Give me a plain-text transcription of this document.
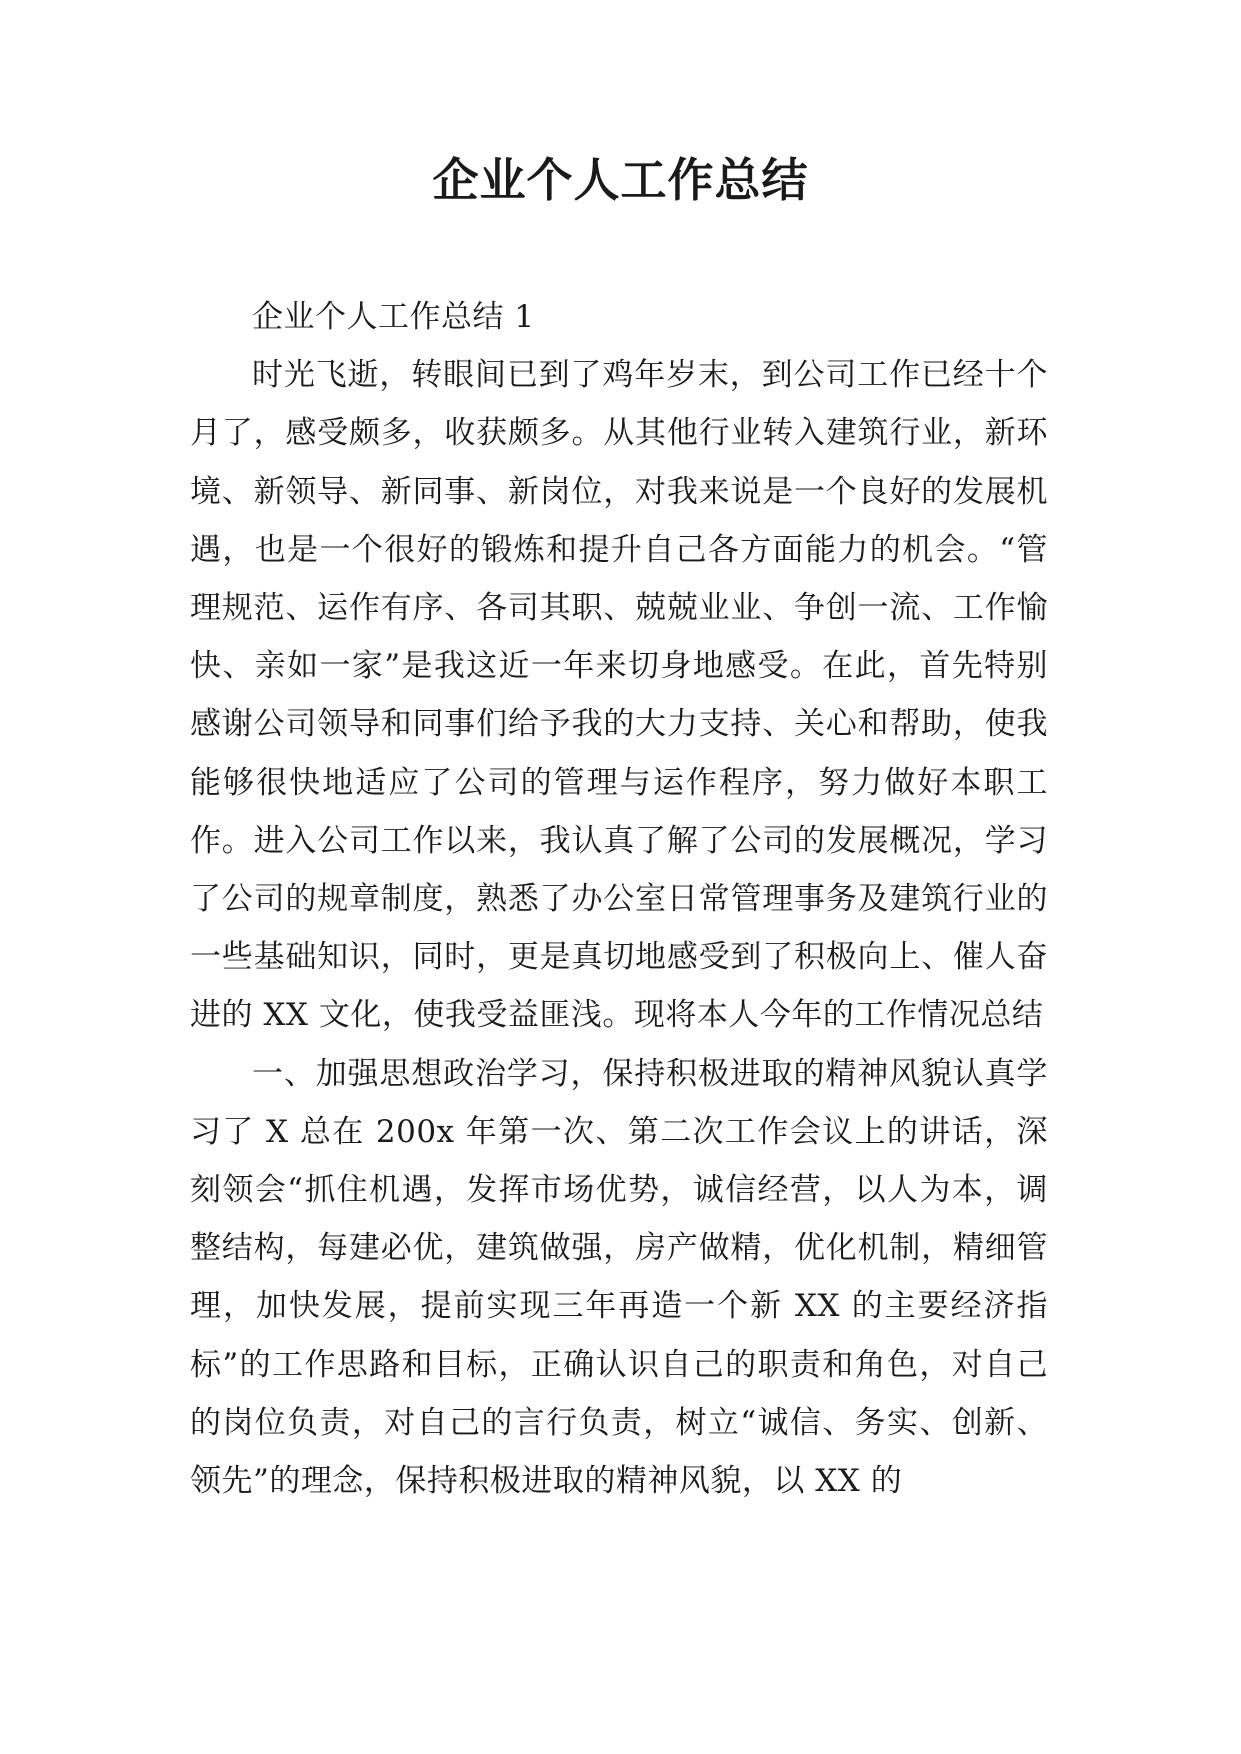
企业个人工作总结

企业个人工作总结 1

时光飞逝，转眼间已到了鸡年岁末，到公司工作已经十个月了，感受颇多，收获颇多。从其他行业转入建筑行业，新环境、新领导、新同事、新岗位，对我来说是一个良好的发展机遇，也是一个很好的锻炼和提升自己各方面能力的机会。“管理规范、运作有序、各司其职、兢兢业业、争创一流、工作愉快、亲如一家”是我这近一年来切身地感受。在此，首先特别感谢公司领导和同事们给予我的大力支持、关心和帮助，使我能够很快地适应了公司的管理与运作程序，努力做好本职工作。进入公司工作以来，我认真了解了公司的发展概况，学习了公司的规章制度，熟悉了办公室日常管理事务及建筑行业的一些基础知识，同时，更是真切地感受到了积极向上、催人奋进的 XX 文化，使我受益匪浅。现将本人今年的工作情况总结

一、加强思想政治学习，保持积极进取的精神风貌认真学习了 X 总在 200x 年第一次、第二次工作会议上的讲话，深刻领会“抓住机遇，发挥市场优势，诚信经营，以人为本，调整结构，每建必优，建筑做强，房产做精，优化机制，精细管理，加快发展，提前实现三年再造一个新 XX 的主要经济指标”的工作思路和目标，正确认识自己的职责和角色，对自己的岗位负责，对自己的言行负责，树立“诚信、务实、创新、领先”的理念，保持积极进取的精神风貌，以 XX 的
